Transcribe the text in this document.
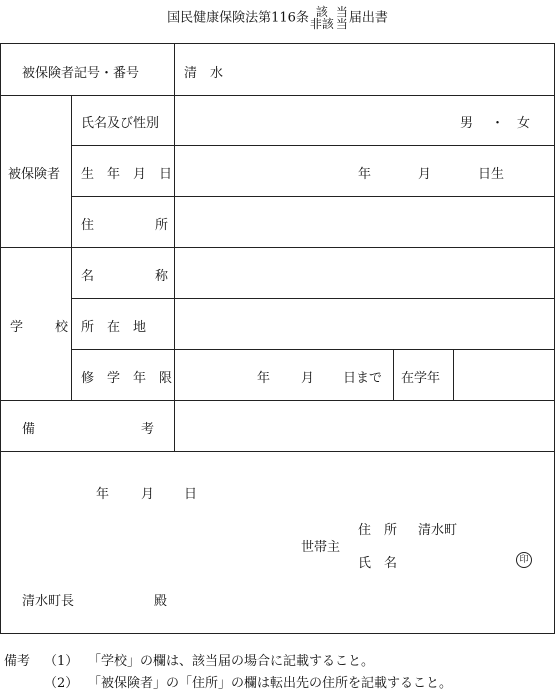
国民健康保険法第116条 該
非該当
当届出書
被保険者記号・番号	清　水
被保険者
氏名及び性別	男 ・ 女
生　年　月　日	年	月	日生
住	所
学 校
名	称
所　在　地
修　学　年　限	年 月 日まで 在学年
備	考
年 月 日
世帯主
住　所 清水町
氏　名	印
清水町長	殿
備考 （1） 「学校」の欄は、該当届の場合に記載すること。
（2） 「被保険者」の「住所」の欄は転出先の住所を記載すること。
